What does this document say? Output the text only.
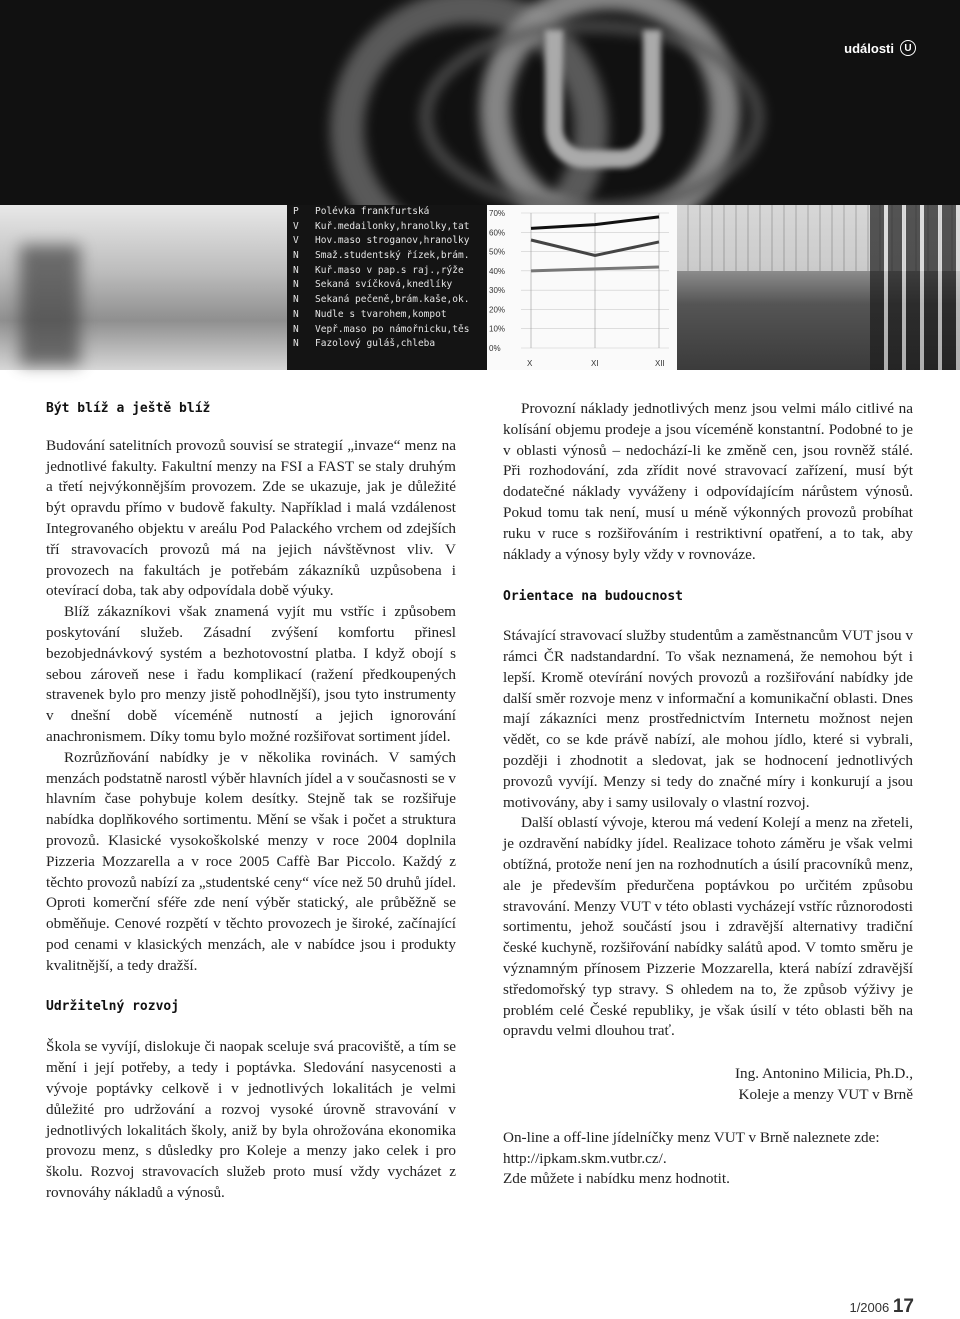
události	U
P Polévka frankfurtská
V Kuř.medailonky,hranolky,tat
V Hov.maso stroganov,hranolky
N Smaž.studentský řízek,brám.
N Kuř.maso v pap.s raj.,rýže
N Sekaná svíčková,knedlíky
N Sekaná pečeně,brám.kaše,ok.
N Nudle s tvarohem,kompot
N Vepř.maso po námořnicku,těs
N Fazolový guláš,chleba
70%
60%
50%
40%
30%
20%
10%
0%
X	XI	XII
Být blíž a ještě blíž

Budování satelitních provozů souvisí se strategií „invaze“ menz na jednotlivé fakulty. Fakultní menzy na FSI a FAST se staly druhým a třetí nejvýkonnějším provozem. Zde se ukazuje, jak je důležité být opravdu přímo v budově fakulty. Například i malá vzdálenost Integrovaného objektu v areálu Pod Palackého vrchem od zdejších tří stravovacích provozů má na jejich návštěvnost vliv. V provozech na fakultách je potřebám zákazníků uzpůsobena i otevírací doba, tak aby odpovídala době výuky.

Blíž zákazníkovi však znamená vyjít mu vstříc i způsobem poskytování služeb. Zásadní zvýšení komfortu přinesl bezobjednávkový systém a bezhotovostní platba. I když obojí s sebou zároveň nese i řadu komplikací (ražení předkoupených stravenek bylo pro menzy jistě pohodlnější), jsou tyto instrumenty v dnešní době víceméně nutností a jejich ignorování anachronismem. Díky tomu bylo možné rozšiřovat sortiment jídel.

Rozrůzňování nabídky je v několika rovinách. V samých menzách podstatně narostl výběr hlavních jídel a v současnosti se v hlavním čase pohybuje kolem desítky. Stejně tak se rozšiřuje nabídka doplňkového sortimentu. Mění se však i počet a struktura provozů. Klasické vysokoškolské menzy v roce 2004 doplnila Pizzeria Mozzarella a v roce 2005 Caffè Bar Piccolo. Každý z těchto provozů nabízí za „studentské ceny“ více než 50 druhů jídel. Oproti komerční sféře zde není výběr statický, ale průběžně se obměňuje. Cenové rozpětí v těchto provozech je široké, začínající pod cenami v klasických menzách, ale v nabídce jsou i produkty kvalitnější, a tedy dražší.

Udržitelný rozvoj

Škola se vyvíjí, dislokuje či naopak sceluje svá pracoviště, a tím se mění i její potřeby, a tedy i poptávka. Sledování nasycenosti a vývoje poptávky celkově i v jednotlivých lokalitách je velmi důležité pro udržování a rozvoj vysoké úrovně stravování v jednotlivých lokalitách školy, aniž by byla ohrožována ekonomika provozu menz, s důsledky pro Koleje a menzy jako celek i pro školu. Rozvoj stravovacích služeb proto musí vždy vycházet z rovnováhy nákladů a výnosů.

Provozní náklady jednotlivých menz jsou velmi málo citlivé na kolísání objemu prodeje a jsou víceméně konstantní. Podobné to je v oblasti výnosů – nedochází-li ke změně cen, jsou rovněž stálé. Při rozhodování, zda zřídit nové stravovací zařízení, musí být dodatečné náklady vyváženy i odpovídajícím nárůstem výnosů. Pokud tomu tak není, musí u méně výkonných provozů probíhat ruku v ruce s rozšiřováním i restriktivní opatření, a to tak, aby náklady a výnosy byly vždy v rovnováze.

Orientace na budoucnost

Stávající stravovací služby studentům a zaměstnancům VUT jsou v rámci ČR nadstandardní. To však neznamená, že nemohou být i lepší. Kromě otevírání nových provozů a rozšiřování nabídky jde další směr rozvoje menz v informační a komunikační oblasti. Dnes mají zákazníci menz prostřednictvím Internetu možnost nejen vědět, co se kde právě nabízí, ale mohou jídlo, které si vybrali, později i zhodnotit a sledovat, jak se hodnocení jednotlivých provozů vyvíjí. Menzy si tedy do značné míry i konkurují a jsou motivovány, aby i samy usilovaly o vlastní rozvoj.

Další oblastí vývoje, kterou má vedení Kolejí a menz na zřeteli, je ozdravění nabídky jídel. Realizace tohoto záměru je však velmi obtížná, protože není jen na rozhodnutích a úsilí pracovníků menz, ale je především předurčena poptávkou po určitém způsobu stravování. Menzy VUT v této oblasti vycházejí vstříc různorodosti sortimentu, jehož součástí jsou i zdravější alternativy tradiční české kuchyně, rozšiřování nabídky salátů apod. V tomto směru je významným přínosem Pizzerie Mozzarella, která nabízí zdravější středomořský typ stravy. S ohledem na to, že způsob výživy je problém celé České republiky, je však úsilí v této oblasti běh na opravdu velmi dlouhou trať.

Ing. Antonino Milicia, Ph.D.,

Koleje a menzy VUT v Brně

On-line a off-line jídelníčky menz VUT v Brně naleznete zde:

http://ipkam.skm.vutbr.cz/.

Zde můžete i nabídku menz hodnotit.

1/2006 17
